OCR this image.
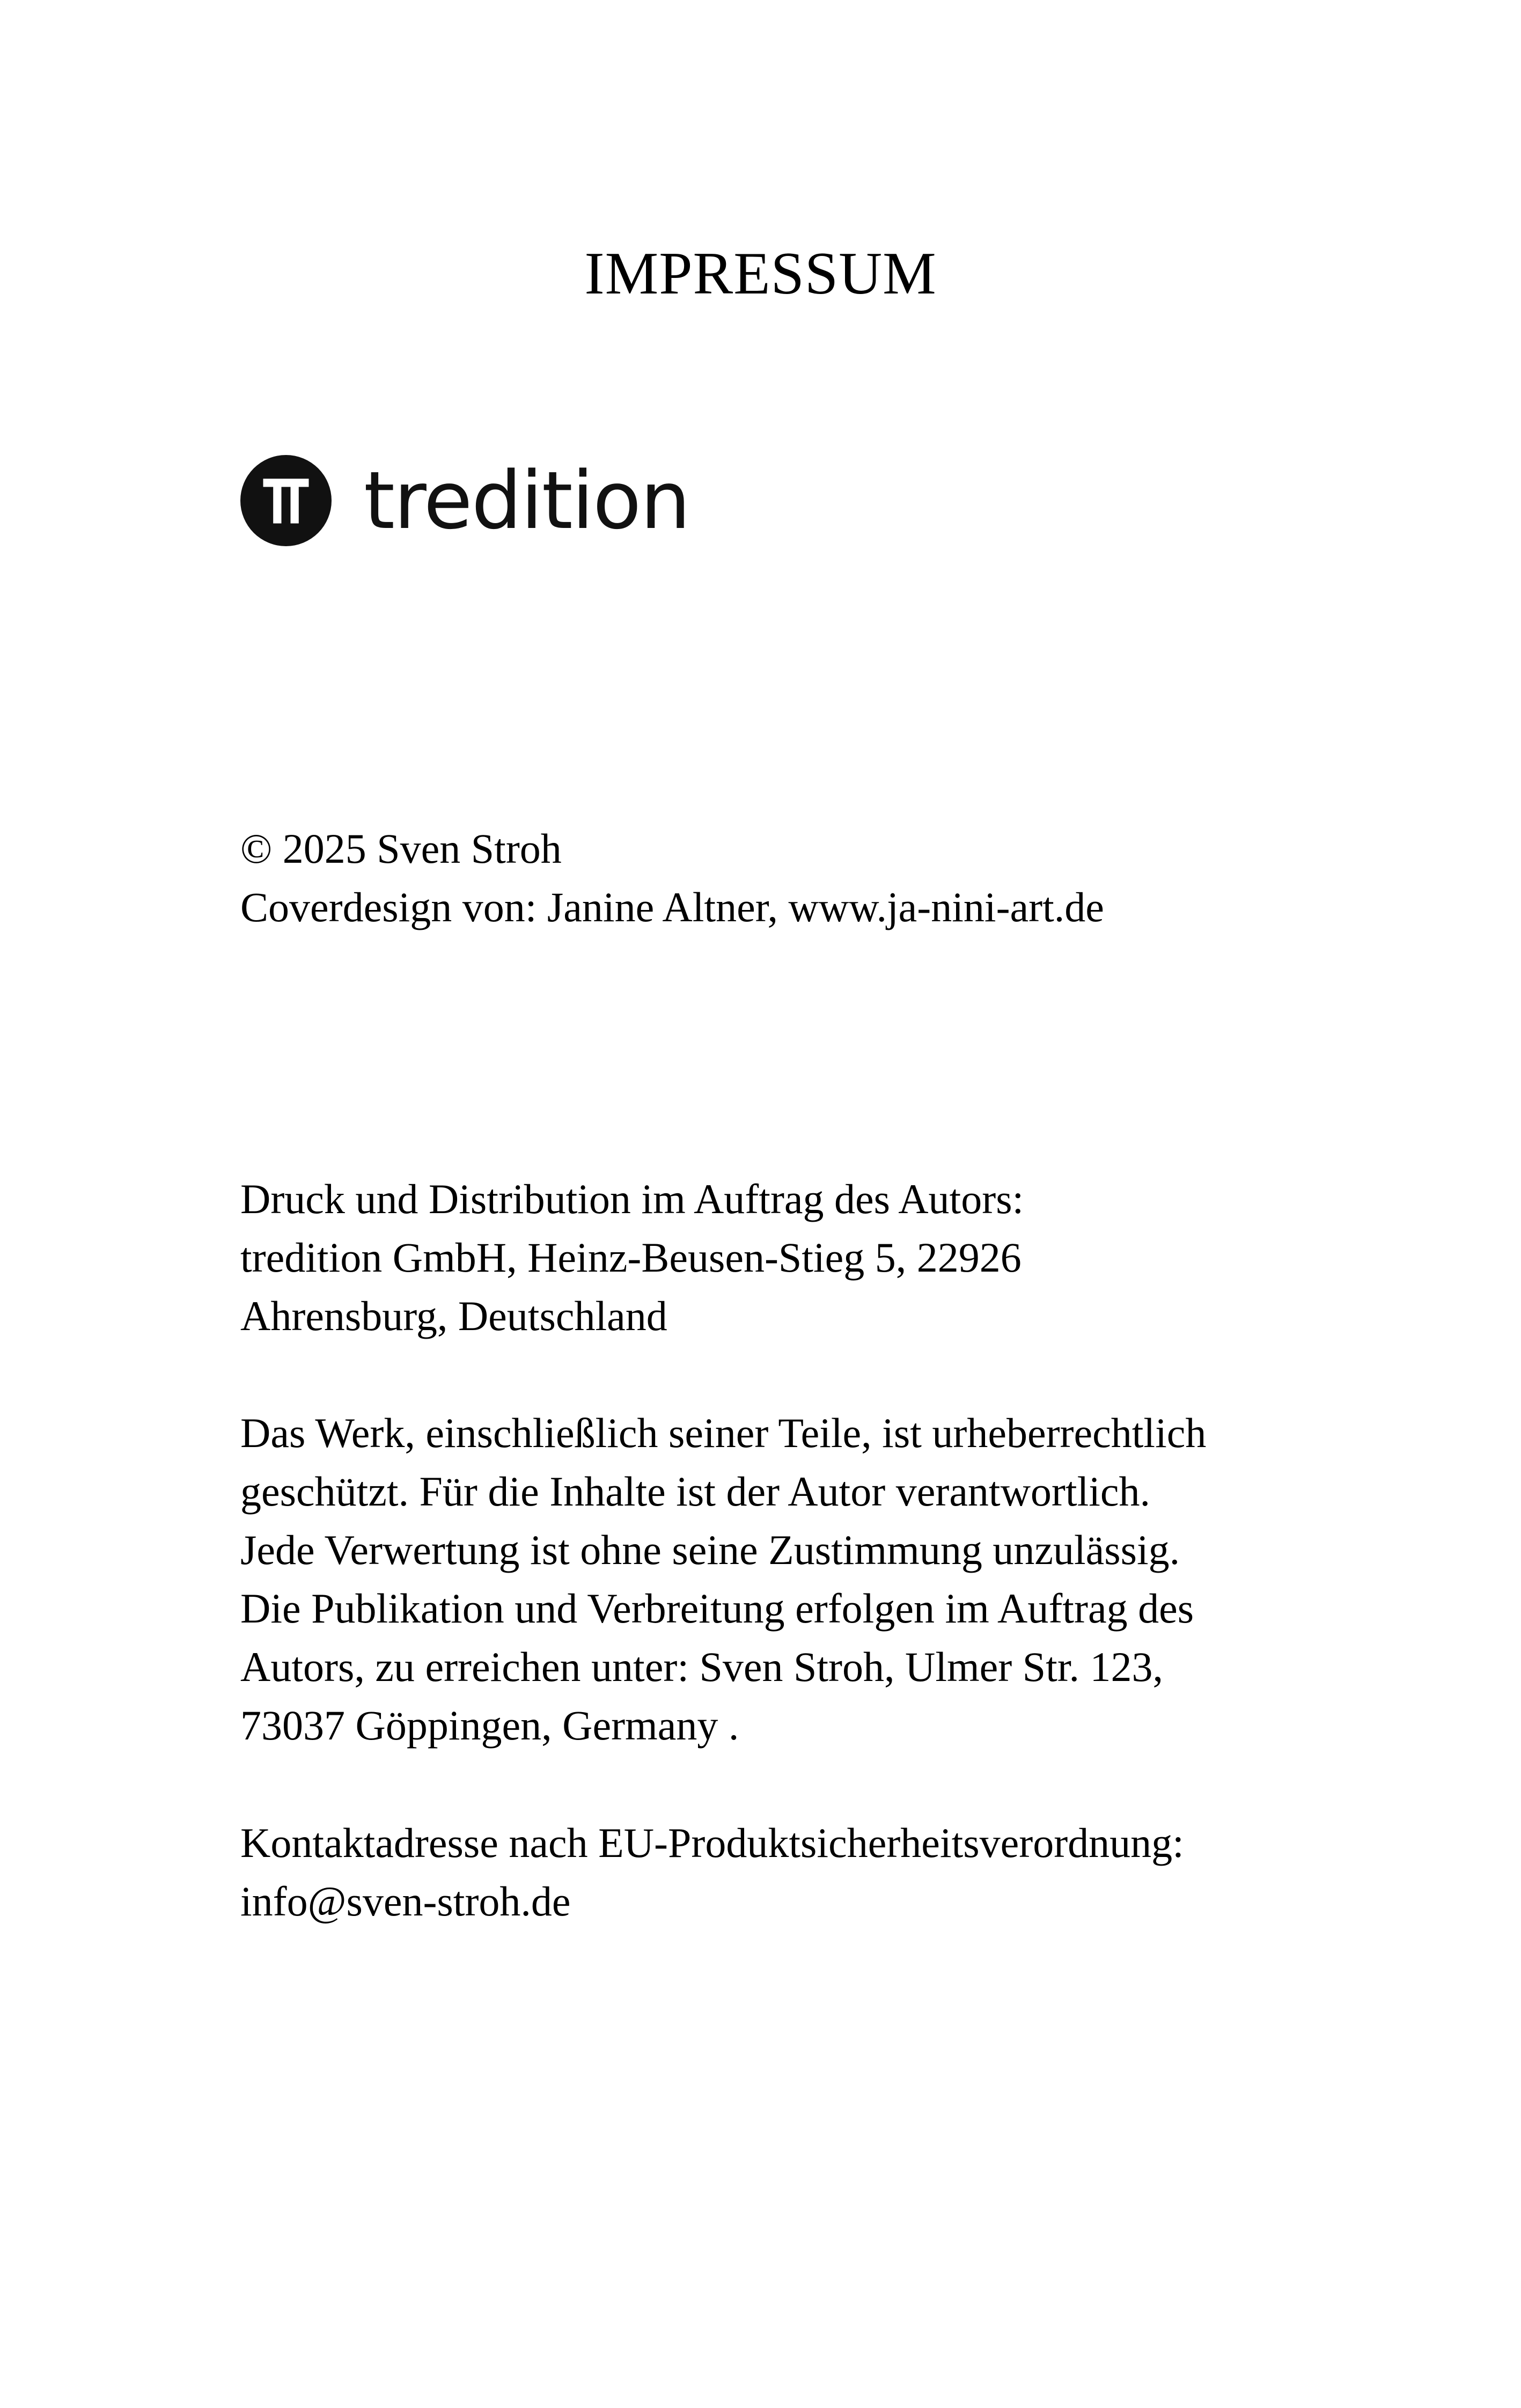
IMPRESSUM
tredition

© 2025 Sven Stroh

Coverdesign von: Janine Altner, www.ja-nini-art.de

Druck und Distribution im Auftrag des Autors:

tredition GmbH, Heinz-Beusen-Stieg 5, 22926

Ahrensburg, Deutschland

Das Werk, einschließlich seiner Teile, ist urheberrechtlich

geschützt. Für die Inhalte ist der Autor verantwortlich.

Jede Verwertung ist ohne seine Zustimmung unzulässig.

Die Publikation und Verbreitung erfolgen im Auftrag des

Autors, zu erreichen unter: Sven Stroh, Ulmer Str. 123,

73037 Göppingen, Germany .

Kontaktadresse nach EU-Produktsicherheitsverordnung:

info@sven-stroh.de
